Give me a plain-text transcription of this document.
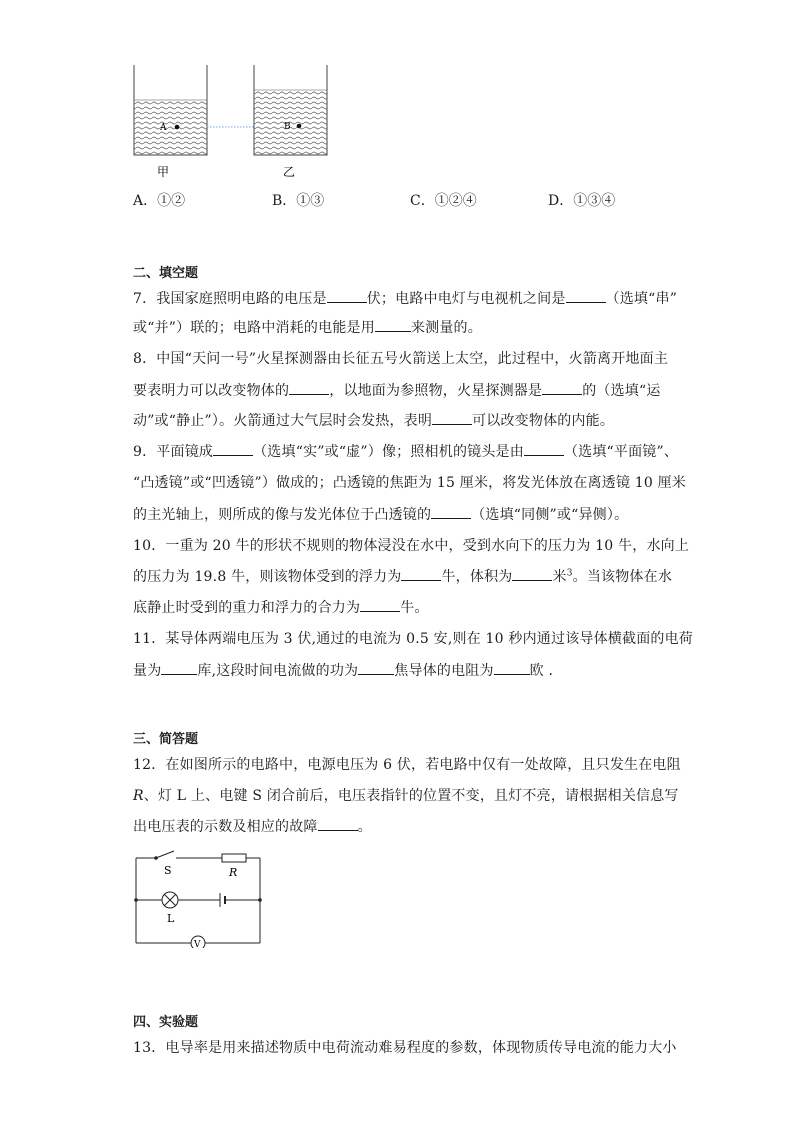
A	B
甲	乙
A．①②	B．①③	C．①②④	D．①③④
二、填空题
7．我国家庭照明电路的电压是	伏；电路中电灯与电视机之间是	（选填“串”
或“并”）联的；电路中消耗的电能是用	来测量的。
8．中国“天问一号”火星探测器由长征五号火箭送上太空，此过程中，火箭离开地面主
要表明力可以改变物体的	，以地面为参照物，火星探测器是	的（选填“运
动”或“静止”）。火箭通过大气层时会发热，表明	可以改变物体的内能。
9．平面镜成	（选填“实”或“虚”）像；照相机的镜头是由	（选填“平面镜”、
“凸透镜”或“凹透镜”）做成的；凸透镜的焦距为 15 厘米，将发光体放在离透镜 10 厘米
的主光轴上，则所成的像与发光体位于凸透镜的	（选填“同侧”或“异侧）。
10．一重为 20 牛的形状不规则的物体浸没在水中，受到水向下的压力为 10 牛，水向上
的压力为 19.8 牛，则该物体受到的浮力为	牛，体积为	米$^3$。当该物体在水
底静止时受到的重力和浮力的合力为	牛。
11．某导体两端电压为 3 伏,通过的电流为 0.5 安,则在 10 秒内通过该导体横截面的电荷
量为	库,这段时间电流做的功为	焦导体的电阻为	欧 .
三、简答题
12．在如图所示的电路中，电源电压为 6 伏，若电路中仅有一处故障，且只发生在电阻
R、灯 L 上、电键 S 闭合前后，电压表指针的位置不变，且灯不亮，请根据相关信息写
出电压表的示数及相应的故障	。
S	R
L
V
四、实验题
13．电导率是用来描述物质中电荷流动难易程度的参数，体现物质传导电流的能力大小
